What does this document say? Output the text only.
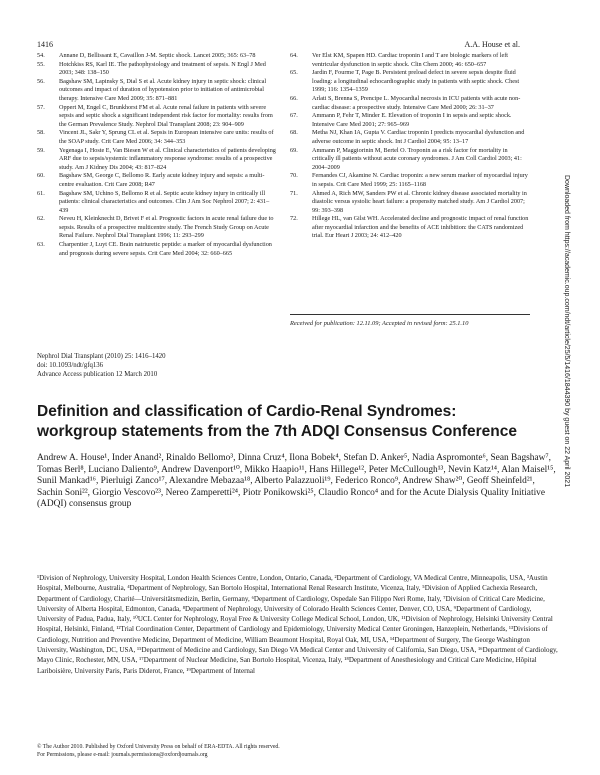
1416	A.A. House et al.
54. Annane D, Bellissant E, Cavaillon J-M. Septic shock. Lancet 2005; 365: 63–78
55. Hotchkiss RS, Karl IE. The pathophysiology and treatment of sepsis. N Engl J Med 2003; 348: 138–150
56. Bagshaw SM, Lapinsky S, Dial S et al. Acute kidney injury in septic shock: clinical outcomes and impact of duration of hypotension prior to initiation of antimicrobial therapy. Intensive Care Med 2009; 35: 871–881
57. Oppert M, Engel C, Brunkhorst FM et al. Acute renal failure in patients with severe sepsis and septic shock a significant independent risk factor for mortality: results from the German Prevalence Study. Nephrol Dial Transplant 2008; 23: 904–909
58. Vincent JL, Sakr Y, Sprung CL et al. Sepsis in European intensive care units: results of the SOAP study. Crit Care Med 2006; 34: 344–353
59. Yegenaga I, Hoste E, Van Biesen W et al. Clinical characteristics of patients developing ARF due to sepsis/systemic inflammatory response syndrome: results of a prospective study. Am J Kidney Dis 2004; 43: 817–824
60. Bagshaw SM, George C, Bellomo R. Early acute kidney injury and sepsis: a multi-centre evaluation. Crit Care 2008; R47
61. Bagshaw SM, Uchino S, Bellomo R et al. Septic acute kidney injury in critically ill patients: clinical characteristics and outcomes. Clin J Am Soc Nephrol 2007; 2: 431–439
62. Neveu H, Kleinknecht D, Brivet F et al. Prognostic factors in acute renal failure due to sepsis. Results of a prospective multicentre study. The French Study Group on Acute Renal Failure. Nephrol Dial Transplant 1996; 11: 293–299
63. Charpentier J, Luyt CE. Brain natriuretic peptide: a marker of myocardial dysfunction and prognosis during severe sepsis. Crit Care Med 2004; 32: 660–665
64. Ver Elst KM, Spapen HD. Cardiac troponin I and T are biologic markers of left ventricular dysfunction in septic shock. Clin Chem 2000; 46: 650–657
65. Jardin F, Fourme T, Page B. Persistent preload defect in severe sepsis despite fluid loading: a longitudinal echocardiographic study in patients with septic shock. Chest 1999; 116: 1354–1359
66. Arlati S, Brenna S, Prencipe L. Myocardial necrosis in ICU patients with acute non-cardiac disease: a prospective study. Intensive Care Med 2000; 26: 31–37
67. Ammann P, Fehr T, Minder E. Elevation of troponin I in sepsis and septic shock. Intensive Care Med 2001; 27: 965–969
68. Metha NJ, Khan IA, Gupta V. Cardiac troponin I predicts myocardial dysfunction and adverse outcome in septic shock. Int J Cardiol 2004; 95: 13–17
69. Ammann P, Maggiorinin M, Bertel O. Troponin as a risk factor for mortality in critically ill patients without acute coronary syndromes. J Am Coll Cardiol 2003; 41: 2004–2009
70. Fernandes CJ, Akamine N. Cardiac troponin: a new serum marker of myocardial injury in sepsis. Crit Care Med 1999; 25: 1165–1168
71. Ahmed A, Rich MW, Sanders PW et al. Chronic kidney disease associated mortality in diastolic versus systolic heart failure: a propensity matched study. Am J Cardiol 2007; 99: 393–398
72. Hillege HL, van Gilst WH. Accelerated decline and prognostic impact of renal function after myocardial infarction and the benefits of ACE inhibition: the CATS randomized trial. Eur Heart J 2003; 24: 412–420
Received for publication: 12.11.09; Accepted in revised form: 25.1.10
Nephrol Dial Transplant (2010) 25: 1416–1420
doi: 10.1093/ndt/gfq136
Advance Access publication 12 March 2010
Definition and classification of Cardio-Renal Syndromes: workgroup statements from the 7th ADQI Consensus Conference
Andrew A. House¹, Inder Anand², Rinaldo Bellomo³, Dinna Cruz⁴, Ilona Bobek⁴, Stefan D. Anker⁵, Nadia Aspromonte⁶, Sean Bagshaw⁷, Tomas Berl⁸, Luciano Daliento⁹, Andrew Davenport¹⁰, Mikko Haapio¹¹, Hans Hillege¹², Peter McCullough¹³, Nevin Katz¹⁴, Alan Maisel¹⁵, Sunil Mankad¹⁶, Pierluigi Zanco¹⁷, Alexandre Mebazaa¹⁸, Alberto Palazzuoli¹⁹, Federico Ronco⁹, Andrew Shaw²⁰, Geoff Sheinfeld²¹, Sachin Soni²², Giorgio Vescovo²³, Nereo Zamperetti²⁴, Piotr Ponikowski²⁵, Claudio Ronco⁴ and for the Acute Dialysis Quality Initiative (ADQI) consensus group
¹Division of Nephrology, University Hospital, London Health Sciences Centre, London, Ontario, Canada, ²Department of Cardiology, VA Medical Centre, Minneapolis, USA, ³Austin Hospital, Melbourne, Australia, ⁴Department of Nephrology, San Bortolo Hospital, International Renal Research Institute, Vicenza, Italy, ⁵Division of Applied Cachexia Research, Department of Cardiology, Charité—Universitätsmedizin, Berlin, Germany, ⁶Department of Cardiology, Ospedale San Filippo Neri Rome, Italy, ⁷Division of Critical Care Medicine, University of Alberta Hospital, Edmonton, Canada, ⁸Department of Nephrology, University of Colorado Health Sciences Center, Denver, CO, USA, ⁹Department of Cardiology, University of Padua, Padua, Italy, ¹⁰UCL Center for Nephrology, Royal Free & University College Medical School, London, UK, ¹¹Division of Nephrology, Helsinki University Central Hospital, Helsinki, Finland, ¹²Trial Coordination Center, Department of Cardiology and Epidemiology, University Medical Center Groningen, Hanzeplein, Netherlands, ¹³Divisions of Cardiology, Nutrition and Preventive Medicine, Department of Medicine, William Beaumont Hospital, Royal Oak, MI, USA, ¹⁴Department of Surgery, The George Washington University, Washington, DC, USA, ¹⁵Department of Medicine and Cardiology, San Diego VA Medical Center and University of California, San Diego, USA, ¹⁶Department of Cardiology, Mayo Clinic, Rochester, MN, USA, ¹⁷Department of Nuclear Medicine, San Bortolo Hospital, Vicenza, Italy, ¹⁸Department of Anesthesiology and Critical Care Medicine, Hôpital Lariboisière, University Paris, Paris Diderot, France, ¹⁹Department of Internal
© The Author 2010. Published by Oxford University Press on behalf of ERA-EDTA. All rights reserved.
For Permissions, please e-mail: journals.permissions@oxfordjournals.org
Downloaded from https://academic.oup.com/ndt/article/25/5/1416/1844390 by guest on 22 April 2021
